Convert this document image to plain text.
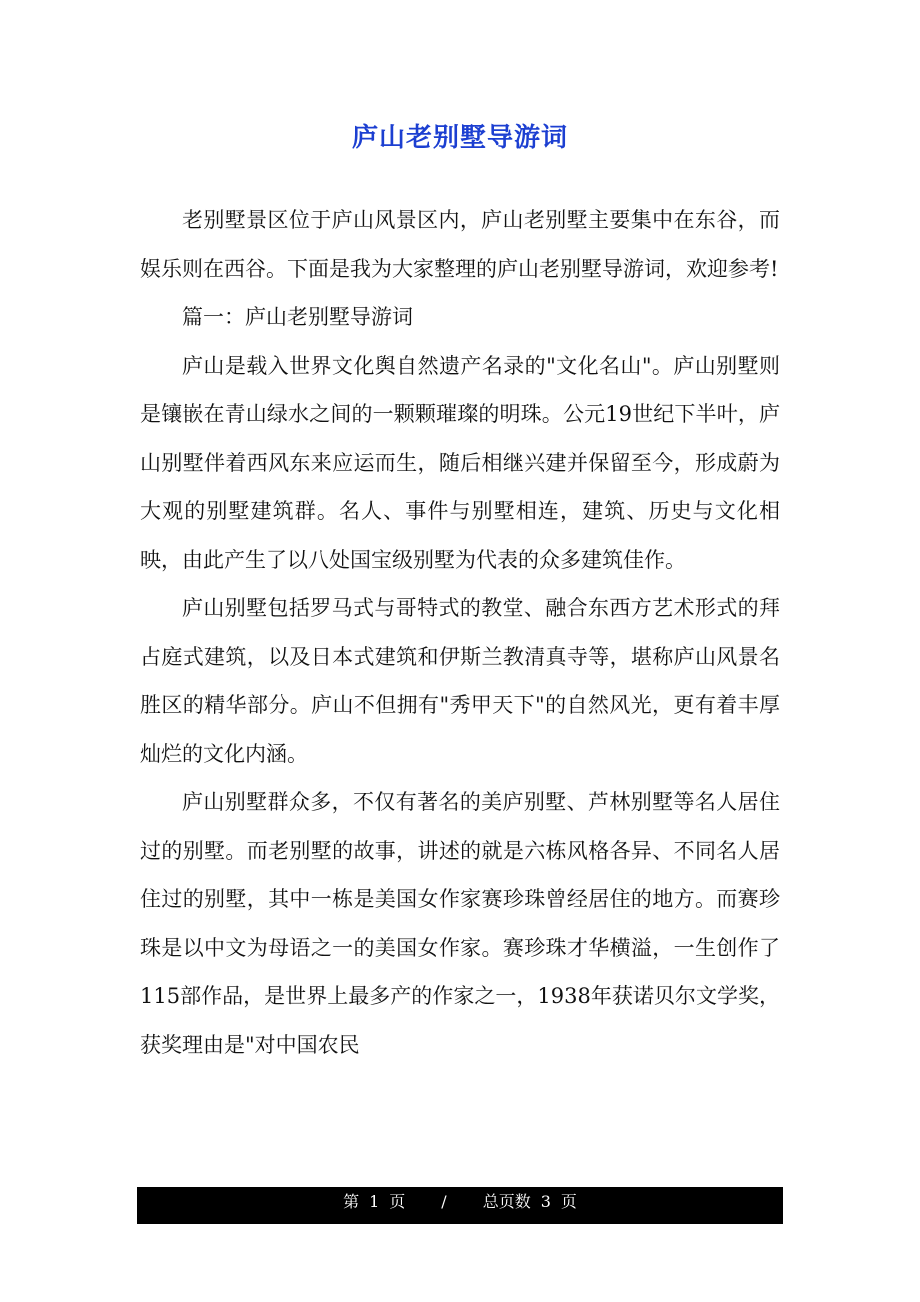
庐山老别墅导游词

老别墅景区位于庐山风景区内，庐山老别墅主要集中在东谷，而娱乐则在西谷。下面是我为大家整理的庐山老别墅导游词，欢迎参考!

篇一：庐山老别墅导游词

庐山是载入世界文化舆自然遗产名录的"文化名山"。庐山别墅则是镶嵌在青山绿水之间的一颗颗璀璨的明珠。公元19世纪下半叶，庐山别墅伴着西风东来应运而生，随后相继兴建并保留至今，形成蔚为大观的别墅建筑群。名人、事件与别墅相连，建筑、历史与文化相映，由此产生了以八处国宝级别墅为代表的众多建筑佳作。

庐山别墅包括罗马式与哥特式的教堂、融合东西方艺术形式的拜占庭式建筑，以及日本式建筑和伊斯兰教清真寺等，堪称庐山风景名胜区的精华部分。庐山不但拥有"秀甲天下"的自然风光，更有着丰厚灿烂的文化内涵。

庐山别墅群众多，不仅有著名的美庐别墅、芦林别墅等名人居住过的别墅。而老别墅的故事，讲述的就是六栋风格各异、不同名人居住过的别墅，其中一栋是美国女作家赛珍珠曾经居住的地方。而赛珍珠是以中文为母语之一的美国女作家。赛珍珠才华横溢，一生创作了115部作品，是世界上最多产的作家之一，1938年获诺贝尔文学奖，获奖理由是"对中国农民

第 1 页 / 总页数 3 页
